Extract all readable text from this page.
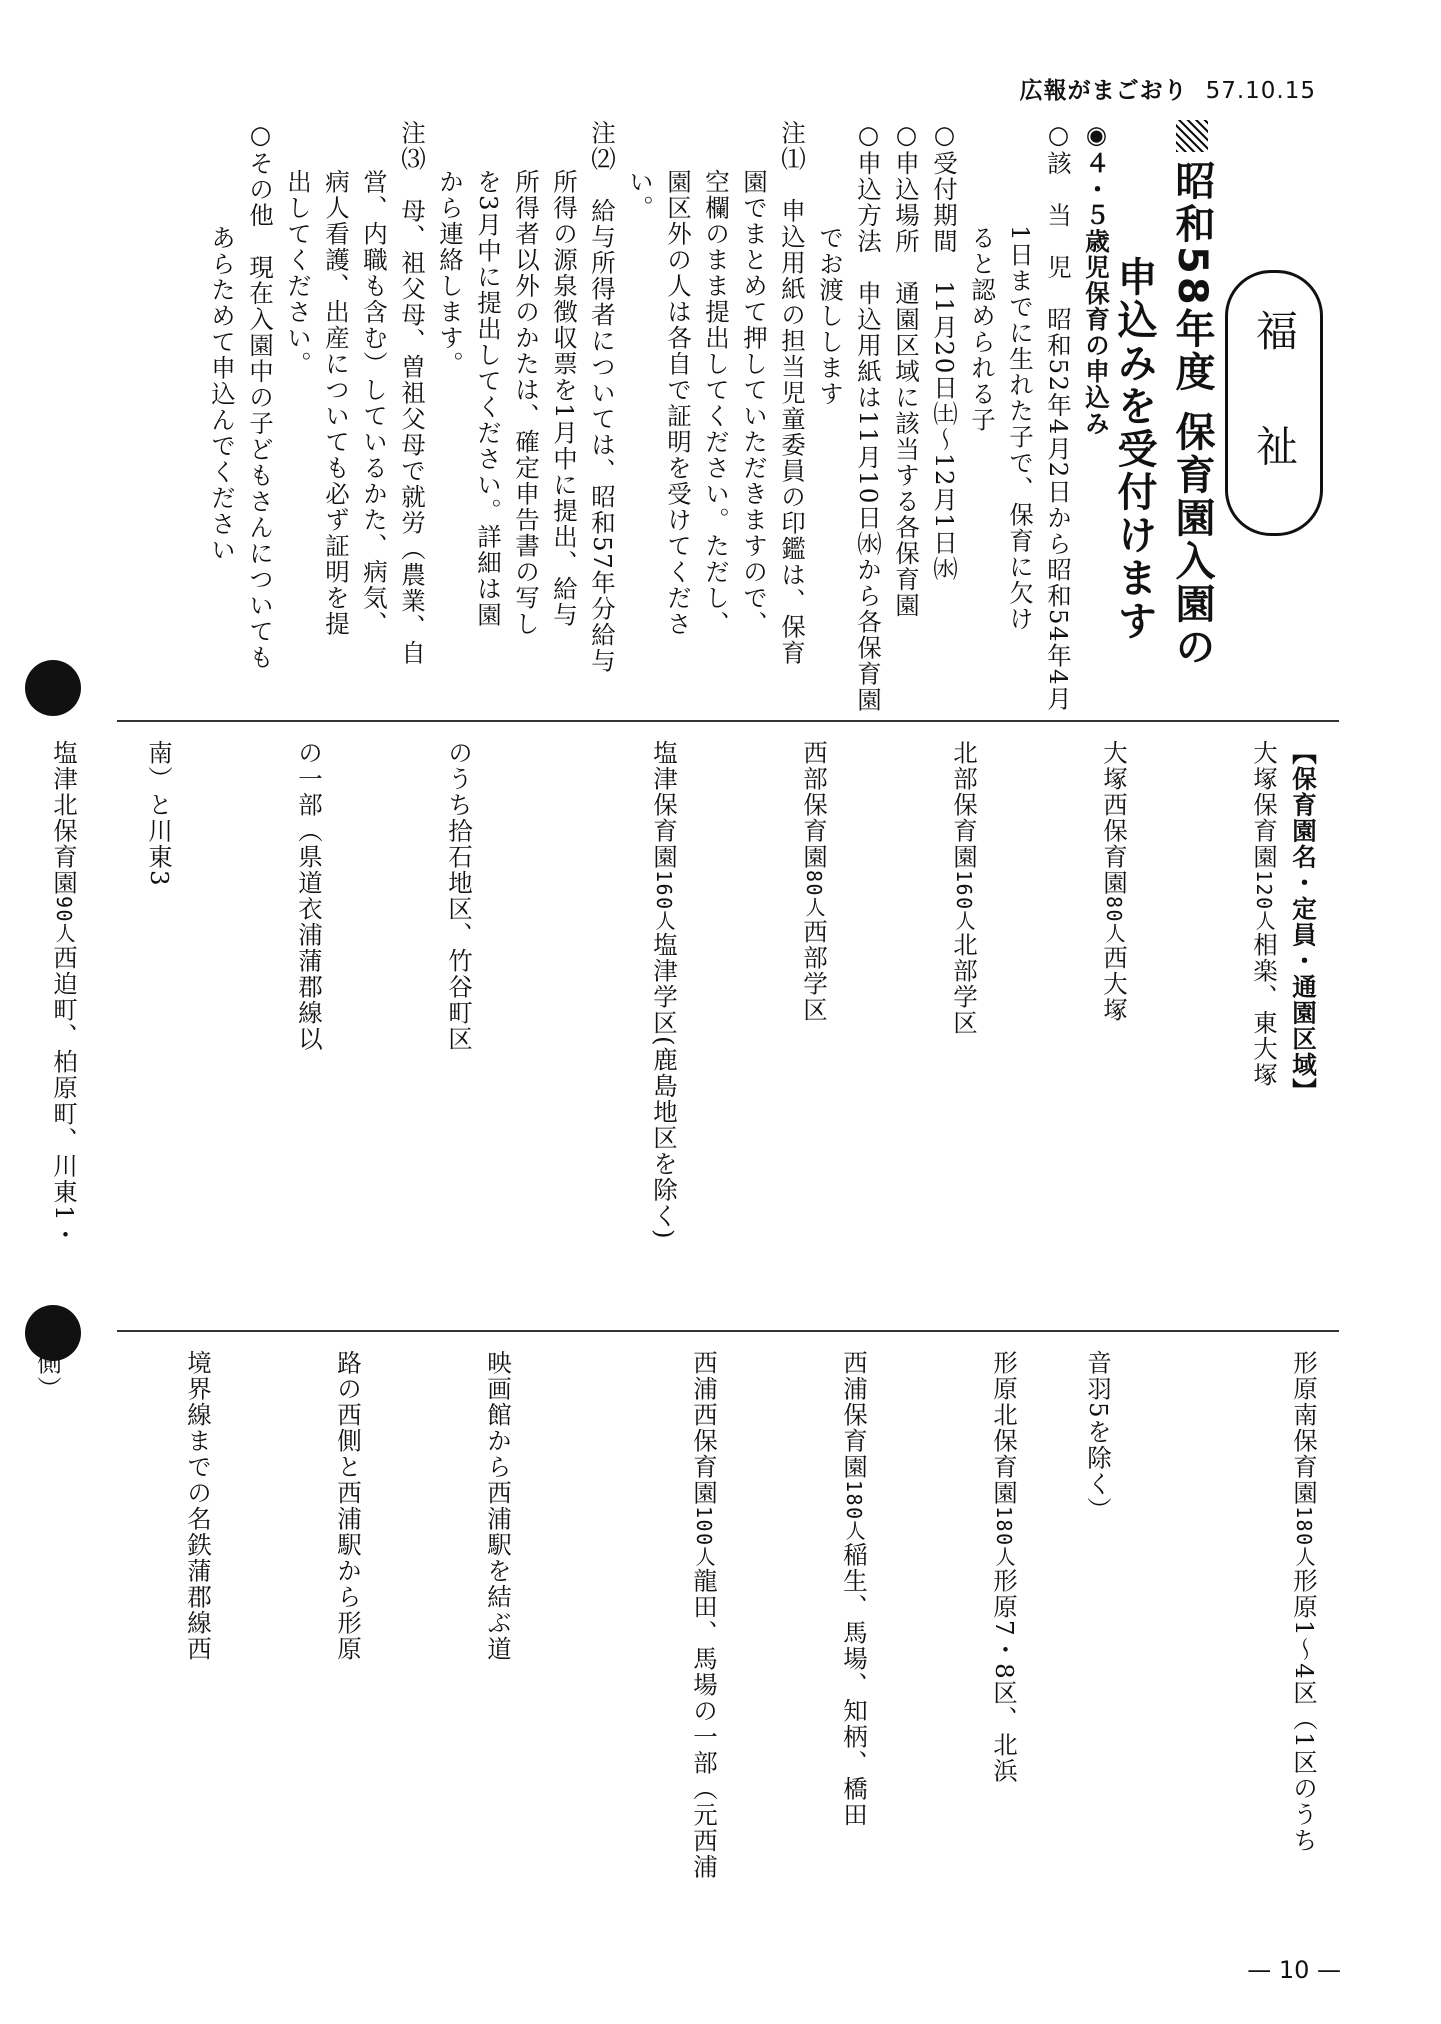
広報がまごおり 57.10.15
福 祉
昭和58年度 保育園入園の
申込みを受付けます
◉４・５歳児保育の申込み
○該　当　児　昭和52年4月2日から昭和54年4月
1日までに生れた子で、保育に欠け
ると認められる子
○受付期間　11月20日㈯～12月1日㈬
○申込場所　通園区域に該当する各保育園
○申込方法　申込用紙は11月10日㈬から各保育園
でお渡しします
注⑴　申込用紙の担当児童委員の印鑑は、保育
園でまとめて押していただきますので、
空欄のまま提出してください。ただし、
園区外の人は各自で証明を受けてくださ
い。
注⑵　給与所得者については、昭和57年分給与
所得の源泉徴収票を1月中に提出、給与
所得者以外のかたは、確定申告書の写し
を3月中に提出してください。詳細は園
から連絡します。
注⑶　母、祖父母、曽祖父母で就労（農業、自
営、内職も含む）しているかた、病気、
病人看護、出産についても必ず証明を提
出してください。
○その他　現在入園中の子どもさんについても
あらためて申込んでください
【保育園名・定員・通園区域】
大塚保育園120人相楽、東大塚
大塚西保育園80人西大塚
北部保育園160人北部学区
西部保育園80人西部学区
塩津保育園160人塩津学区(鹿島地区を除く)
のうち拾石地区、竹谷町区
の一部（県道衣浦蒲郡線以
南）と川東3
塩津北保育園90人西迫町、柏原町、川東1・
形原南保育園180人形原1～4区（1区のうち
音羽5を除く）
形原北保育園180人形原7・8区、北浜
西浦保育園180人稲生、馬場、知柄、橋田
西浦西保育園100人龍田、馬場の一部（元西浦
映画館から西浦駅を結ぶ道
路の西側と西浦駅から形原
境界線までの名鉄蒲郡線西
側）
— 10 —
